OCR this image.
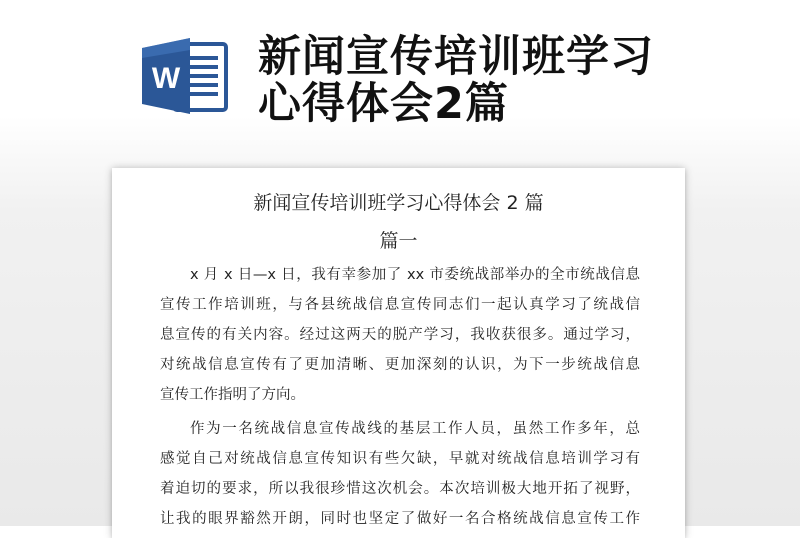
W 新闻宣传培训班学习
心得体会2篇
新闻宣传培训班学习心得体会 2 篇
篇一
x 月 x 日—x 日，我有幸参加了 xx 市委统战部举办的全市统战信息
宣传工作培训班，与各县统战信息宣传同志们一起认真学习了统战信
息宣传的有关内容。经过这两天的脱产学习，我收获很多。通过学习，
对统战信息宣传有了更加清晰、更加深刻的认识，为下一步统战信息
宣传工作指明了方向。
作为一名统战信息宣传战线的基层工作人员，虽然工作多年，总
感觉自己对统战信息宣传知识有些欠缺，早就对统战信息培训学习有
着迫切的要求，所以我很珍惜这次机会。本次培训极大地开拓了视野，
让我的眼界豁然开朗，同时也坚定了做好一名合格统战信息宣传工作
